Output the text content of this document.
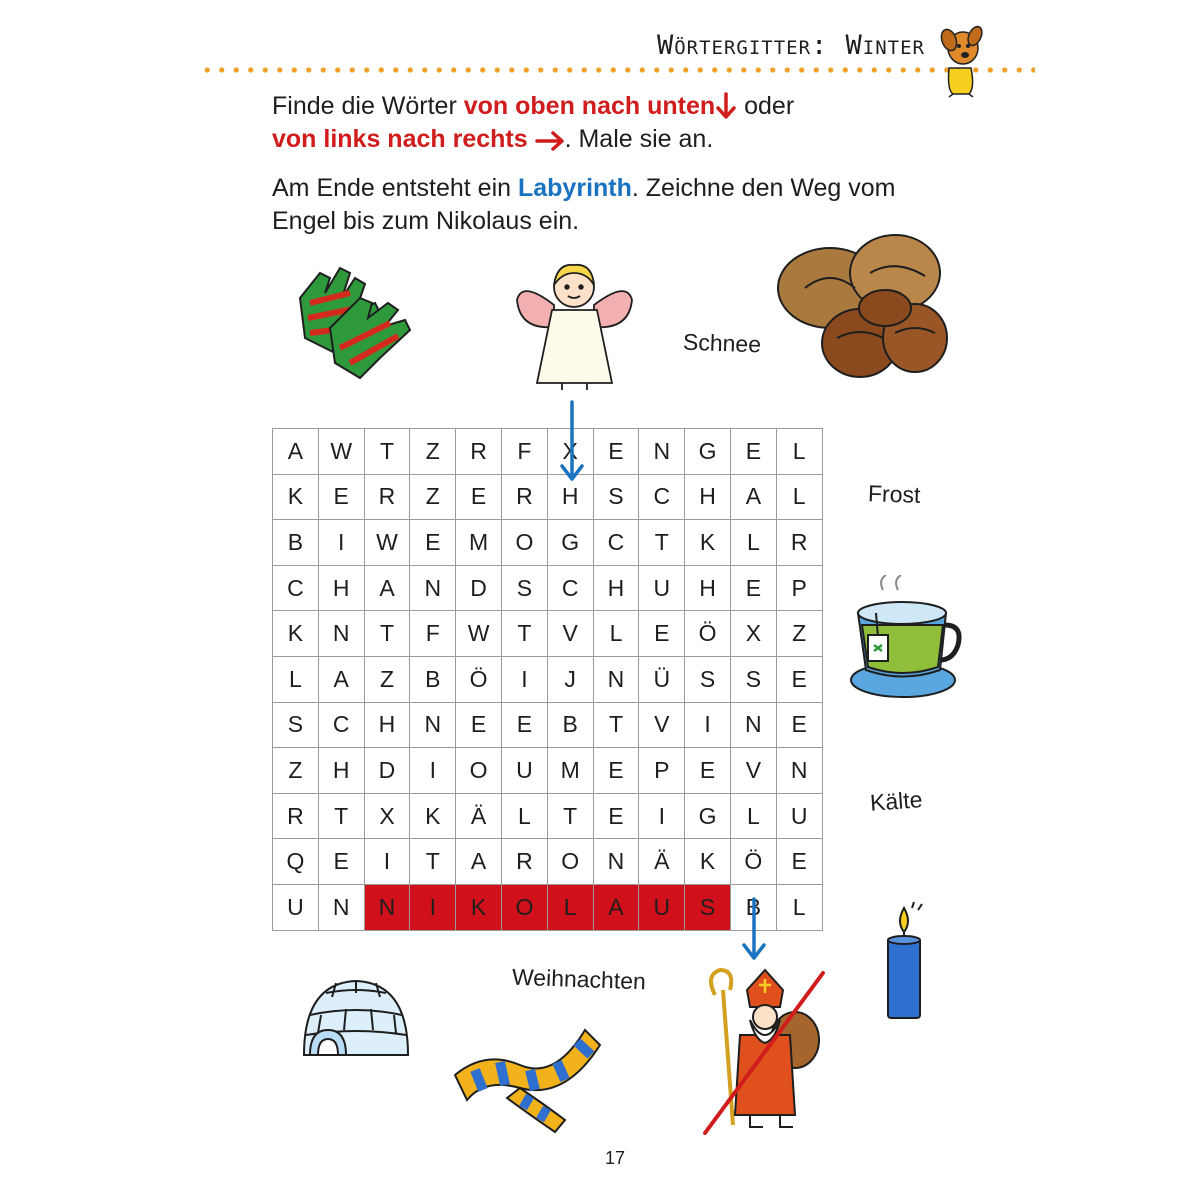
Wörtergitter: Winter

Finde die Wörter von oben nach unten oder
von links nach rechts . Male sie an.

Am Ende entsteht ein Labyrinth. Zeichne den Weg vom
Engel bis zum Nikolaus ein.

Schnee
Frost
Kälte
Weihnachten
A	W	T	Z	R	F	X	E	N	G	E	L
K	E	R	Z	E	R	H	S	C	H	A	L
B	I	W	E	M	O	G	C	T	K	L	R
C	H	A	N	D	S	C	H	U	H	E	P
K	N	T	F	W	T	V	L	E	Ö	X	Z
L	A	Z	B	Ö	I	J	N	Ü	S	S	E
S	C	H	N	E	E	B	T	V	I	N	E
Z	H	D	I	O	U	M	E	P	E	V	N
R	T	X	K	Ä	L	T	E	I	G	L	U
Q	E	I	T	A	R	O	N	Ä	K	Ö	E
U	N	N	I	K	O	L	A	U	S	B	L
17
